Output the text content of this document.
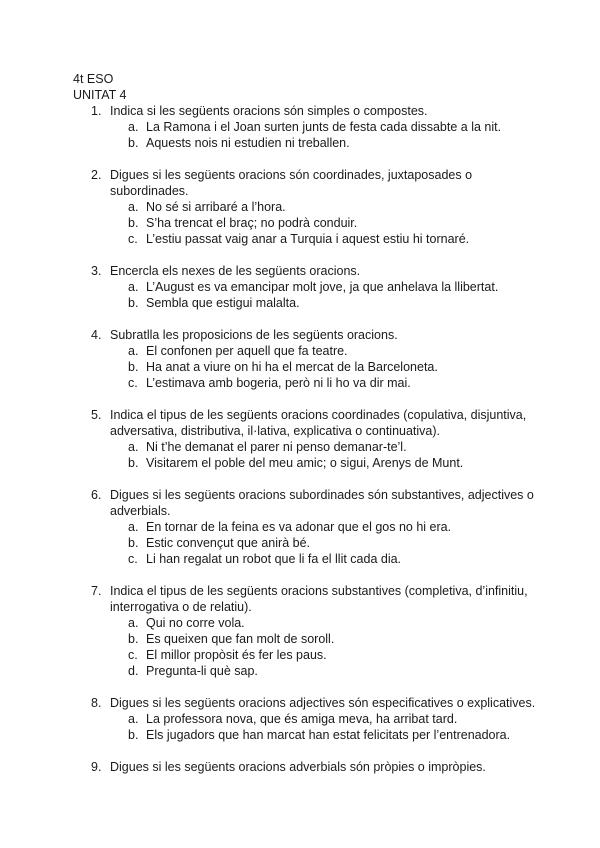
4t ESO
UNITAT 4
1. Indica si les següents oracions són simples o compostes.
a. La Ramona i el Joan surten junts de festa cada dissabte a la nit.
b. Aquests nois ni estudien ni treballen.
2. Digues si les següents oracions són coordinades, juxtaposades o subordinades.
a. No sé si arribaré a l’hora.
b. S’ha trencat el braç; no podrà conduir.
c. L’estiu passat vaig anar a Turquia i aquest estiu hi tornaré.
3. Encercla els nexes de les següents oracions.
a. L’August es va emancipar molt jove, ja que anhelava la llibertat.
b. Sembla que estigui malalta.
4. Subratlla les proposicions de les següents oracions.
a. El confonen per aquell que fa teatre.
b. Ha anat a viure on hi ha el mercat de la Barceloneta.
c. L’estimava amb bogeria, però ni li ho va dir mai.
5. Indica el tipus de les següents oracions coordinades (copulativa, disjuntiva, adversativa, distributiva, il·lativa, explicativa o continuativa).
a. Ni t’he demanat el parer ni penso demanar-te’l.
b. Visitarem el poble del meu amic; o sigui, Arenys de Munt.
6. Digues si les següents oracions subordinades són substantives, adjectives o adverbials.
a. En tornar de la feina es va adonar que el gos no hi era.
b. Estic convençut que anirà bé.
c. Li han regalat un robot que li fa el llit cada dia.
7. Indica el tipus de les següents oracions substantives (completiva, d’infinitiu, interrogativa o de relatiu).
a. Qui no corre vola.
b. Es queixen que fan molt de soroll.
c. El millor propòsit és fer les paus.
d. Pregunta-li què sap.
8. Digues si les següents oracions adjectives són especificatives o explicatives.
a. La professora nova, que és amiga meva, ha arribat tard.
b. Els jugadors que han marcat han estat felicitats per l’entrenadora.
9. Digues si les següents oracions adverbials són pròpies o impròpies.
